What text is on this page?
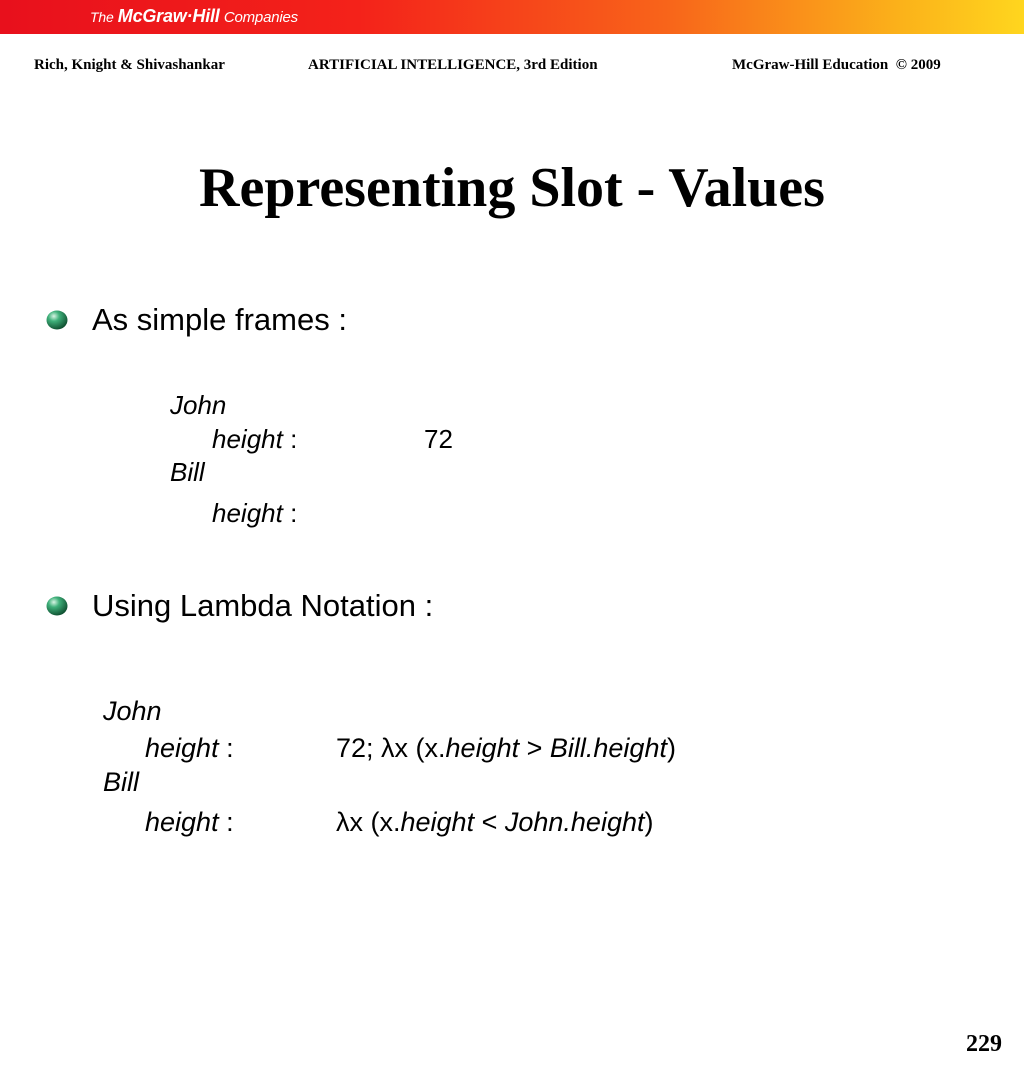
The McGraw·Hill Companies
Rich, Knight & Shivashankar	ARTIFICIAL INTELLIGENCE, 3rd Edition	McGraw-Hill Education © 2009
Representing Slot - Values
As simple frames :
John
height :	72
Bill
height :
Using Lambda Notation :
John
height :	72; λx (x.height > Bill.height)
Bill
height :	λx (x.height < John.height)
229
